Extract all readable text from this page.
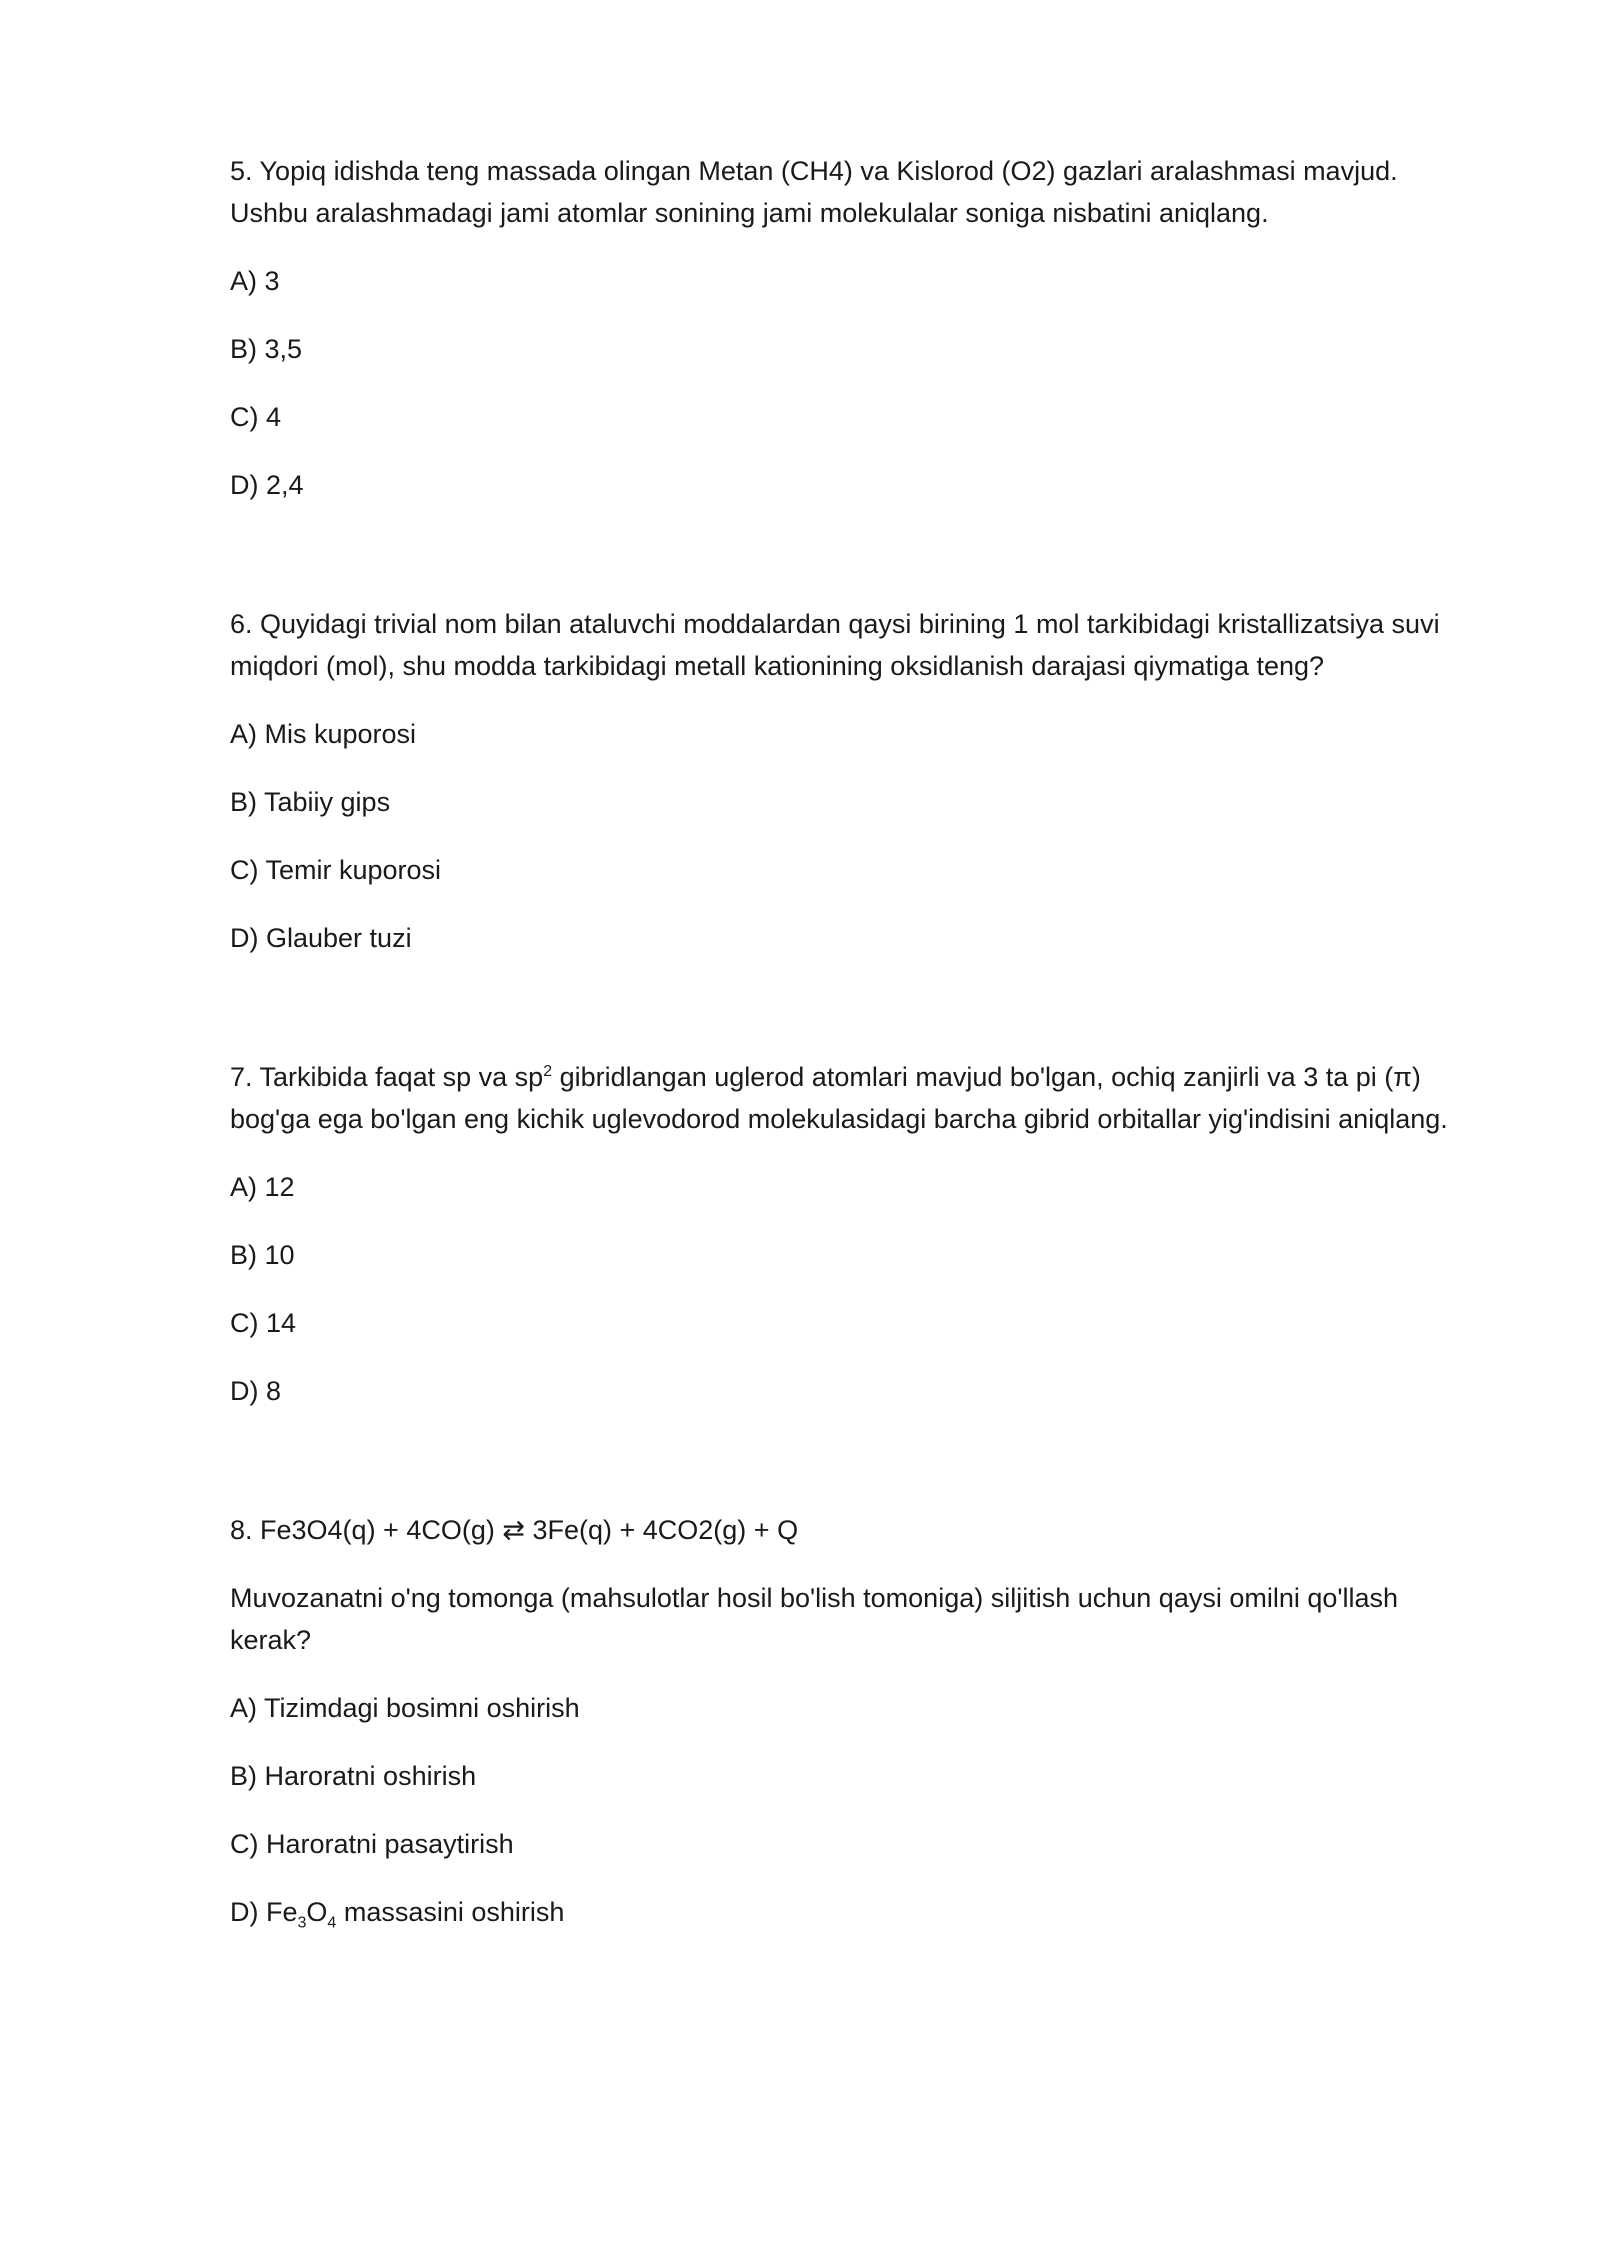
5. Yopiq idishda teng massada olingan Metan (CH4) va Kislorod (O2) gazlari aralashmasi mavjud. Ushbu aralashmadagi jami atomlar sonining jami molekulalar soniga nisbatini aniqlang.

A) 3
B) 3,5
C) 4
D) 2,4

6. Quyidagi trivial nom bilan ataluvchi moddalardan qaysi birining 1 mol tarkibidagi kristallizatsiya suvi miqdori (mol), shu modda tarkibidagi metall kationining oksidlanish darajasi qiymatiga teng?

A) Mis kuporosi
B) Tabiiy gips
C) Temir kuporosi
D) Glauber tuzi

7. Tarkibida faqat sp va $sp^2$ gibridlangan uglerod atomlari mavjud bo'lgan, ochiq zanjirli va 3 ta pi (π) bog'ga ega bo'lgan eng kichik uglevodorod molekulasidagi barcha gibrid orbitallar yig'indisini aniqlang.

A) 12
B) 10
C) 14
D) 8

8. Fe3O4(q) + 4CO(g) ⇄ 3Fe(q) + 4CO2(g) + Q

Muvozanatni o'ng tomonga (mahsulotlar hosil bo'lish tomoniga) siljitish uchun qaysi omilni qo'llash kerak?

A) Tizimdagi bosimni oshirish
B) Haroratni oshirish
C) Haroratni pasaytirish
D) $Fe_3O_4$ massasini oshirish
